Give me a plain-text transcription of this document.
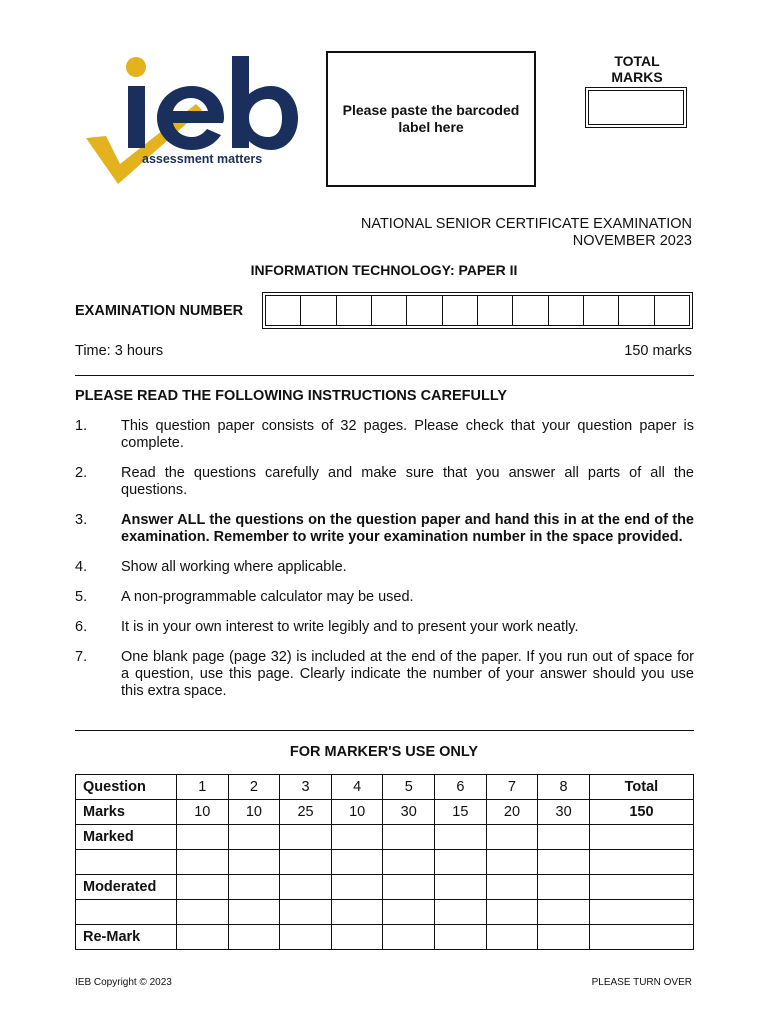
assessment matters
Please paste the barcoded label here
TOTAL MARKS
NATIONAL SENIOR CERTIFICATE EXAMINATION
NOVEMBER 2023
INFORMATION TECHNOLOGY: PAPER II
EXAMINATION NUMBER
Time: 3 hours	150 marks
PLEASE READ THE FOLLOWING INSTRUCTIONS CAREFULLY
1.	This question paper consists of 32 pages. Please check that your question paper is complete.
2.	Read the questions carefully and make sure that you answer all parts of all the questions.
3.	Answer ALL the questions on the question paper and hand this in at the end of the examination. Remember to write your examination number in the space provided.
4.	Show all working where applicable.
5.	A non-programmable calculator may be used.
6.	It is in your own interest to write legibly and to present your work neatly.
7.	One blank page (page 32) is included at the end of the paper. If you run out of space for a question, use this page. Clearly indicate the number of your answer should you use this extra space.
FOR MARKER'S USE ONLY
Question	1	2	3	4	5	6	7	8	Total
Marks	10	10	25	10	30	15	20	30	150
Marked									

Moderated									

Re-Mark									
IEB Copyright © 2023	PLEASE TURN OVER
